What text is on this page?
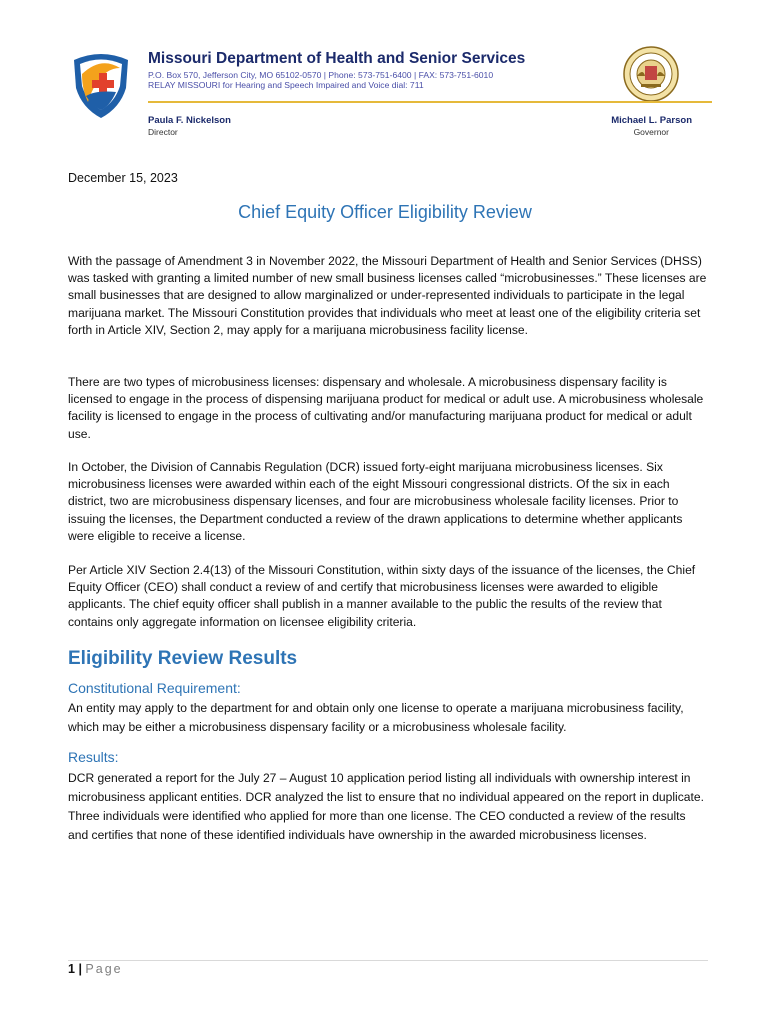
Missouri Department of Health and Senior Services
P.O. Box 570, Jefferson City, MO 65102-0570 | Phone: 573-751-6400 | FAX: 573-751-6010
RELAY MISSOURI for Hearing and Speech Impaired and Voice dial: 711
Paula F. Nickelson
Director
Michael L. Parson
Governor
December 15, 2023
Chief Equity Officer Eligibility Review

With the passage of Amendment 3 in November 2022, the Missouri Department of Health and Senior Services (DHSS) was tasked with granting a limited number of new small business licenses called “microbusinesses.” These licenses are small businesses that are designed to allow marginalized or under-represented individuals to participate in the legal marijuana market. The Missouri Constitution provides that individuals who meet at least one of the eligibility criteria set forth in Article XIV, Section 2, may apply for a marijuana microbusiness facility license.

There are two types of microbusiness licenses: dispensary and wholesale. A microbusiness dispensary facility is licensed to engage in the process of dispensing marijuana product for medical or adult use. A microbusiness wholesale facility is licensed to engage in the process of cultivating and/or manufacturing marijuana product for medical or adult use.

In October, the Division of Cannabis Regulation (DCR) issued forty-eight marijuana microbusiness licenses. Six microbusiness licenses were awarded within each of the eight Missouri congressional districts. Of the six in each district, two are microbusiness dispensary licenses, and four are microbusiness wholesale facility licenses. Prior to issuing the licenses, the Department conducted a review of the drawn applications to determine whether applicants were eligible to receive a license.

Per Article XIV Section 2.4(13) of the Missouri Constitution, within sixty days of the issuance of the licenses, the Chief Equity Officer (CEO) shall conduct a review of and certify that microbusiness licenses were awarded to eligible applicants. The chief equity officer shall publish in a manner available to the public the results of the review that contains only aggregate information on licensee eligibility criteria.

Eligibility Review Results
Constitutional Requirement:

An entity may apply to the department for and obtain only one license to operate a marijuana microbusiness facility, which may be either a microbusiness dispensary facility or a microbusiness wholesale facility.

Results:

DCR generated a report for the July 27 – August 10 application period listing all individuals with ownership interest in microbusiness applicant entities. DCR analyzed the list to ensure that no individual appeared on the report in duplicate. Three individuals were identified who applied for more than one license. The CEO conducted a review of the results and certifies that none of these identified individuals have ownership in the awarded microbusiness licenses.

1 | Page
